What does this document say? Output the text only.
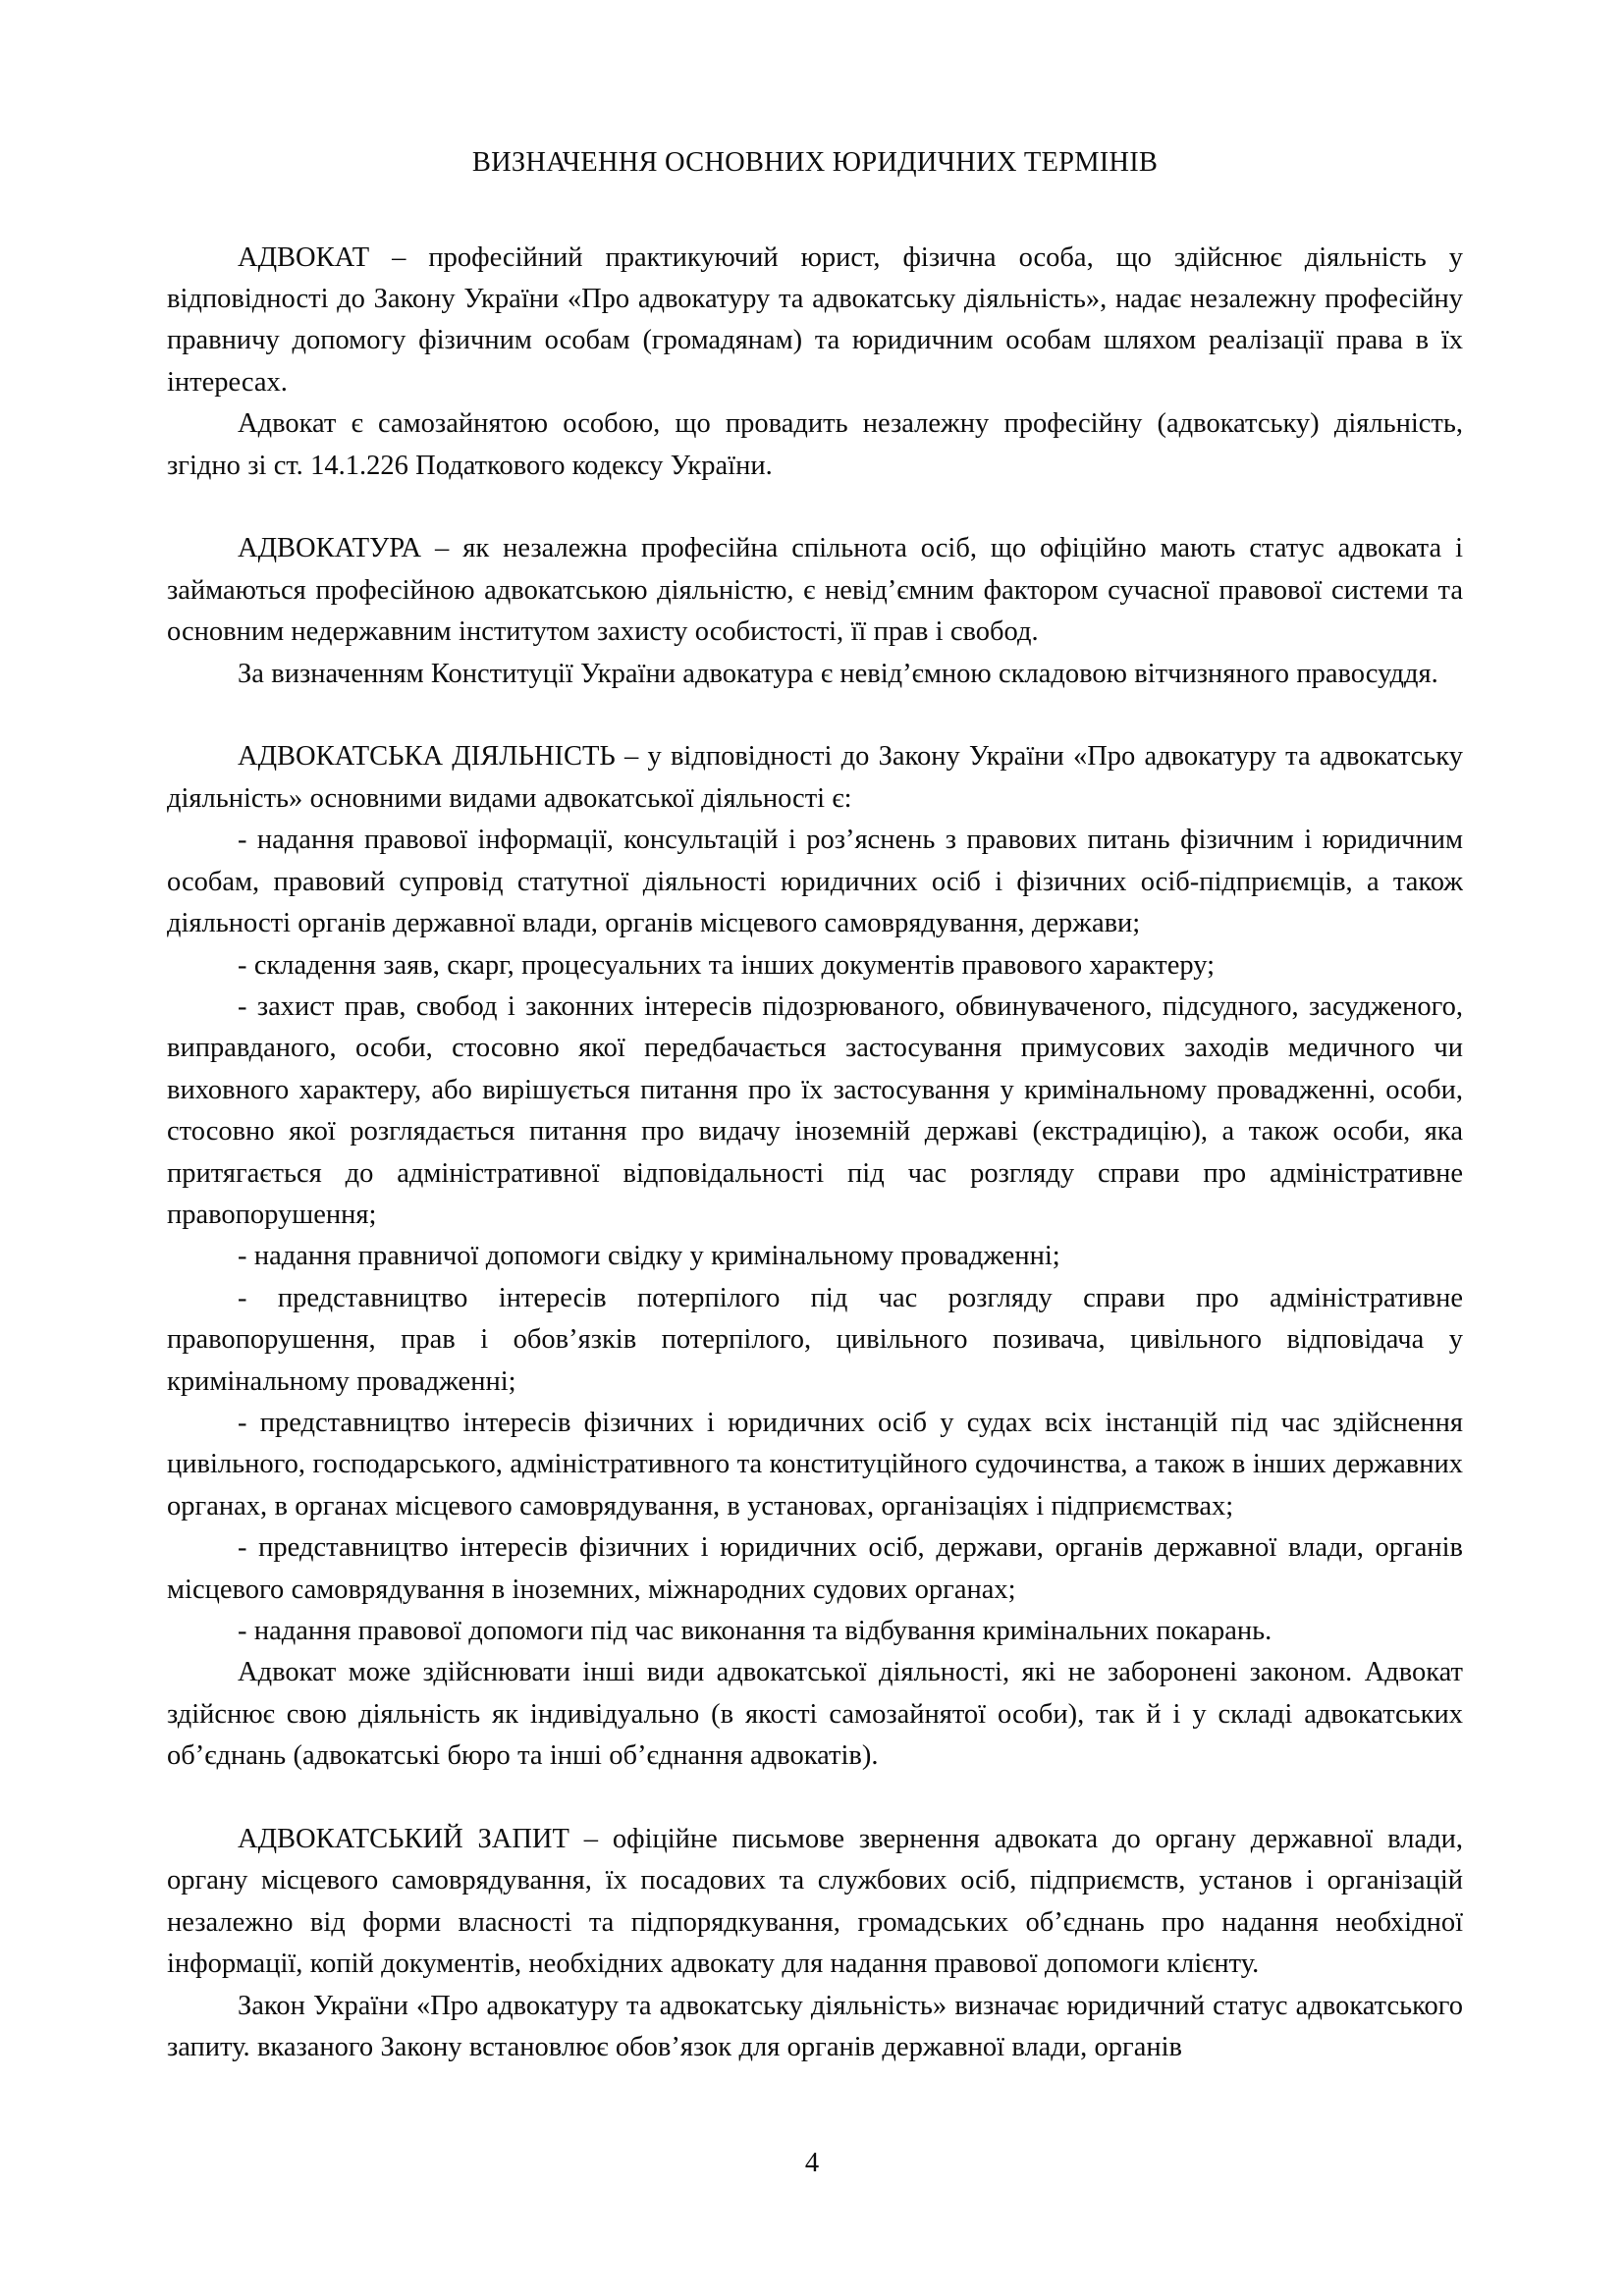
ВИЗНАЧЕННЯ ОСНОВНИХ ЮРИДИЧНИХ ТЕРМІНІВ

АДВОКАТ – професійний практикуючий юрист, фізична особа, що здійснює діяльність у відповідності до Закону України «Про адвокатуру та адвокатську діяльність», надає незалежну професійну правничу допомогу фізичним особам (громадянам) та юридичним особам шляхом реалізації права в їх інтересах.

Адвокат є самозайнятою особою, що провадить незалежну професійну (адвокатську) діяльність, згідно зі ст. 14.1.226 Податкового кодексу України.

АДВОКАТУРА – як незалежна професійна спільнота осіб, що офіційно мають статус адвоката і займаються професійною адвокатською діяльністю, є невід’ємним фактором сучасної правової системи та основним недержавним інститутом захисту особистості, її прав і свобод.

За визначенням Конституції України адвокатура є невід’ємною складовою вітчизняного правосуддя.

АДВОКАТСЬКА ДІЯЛЬНІСТЬ – у відповідності до Закону України «Про адвокатуру та адвокатську діяльність» основними видами адвокатської діяльності є:

- надання правової інформації, консультацій і роз’яснень з правових питань фізичним і юридичним особам, правовий супровід статутної діяльності юридичних осіб і фізичних осіб-підприємців, а також діяльності органів державної влади, органів місцевого самоврядування, держави;

- складення заяв, скарг, процесуальних та інших документів правового характеру;

- захист прав, свобод і законних інтересів підозрюваного, обвинуваченого, підсудного, засудженого, виправданого, особи, стосовно якої передбачається застосування примусових заходів медичного чи виховного характеру, або вирішується питання про їх застосування у кримінальному провадженні, особи, стосовно якої розглядається питання про видачу іноземній державі (екстрадицію), а також особи, яка притягається до адміністративної відповідальності під час розгляду справи про адміністративне правопорушення;

- надання правничої допомоги свідку у кримінальному провадженні;

- представництво інтересів потерпілого під час розгляду справи про адміністративне правопорушення, прав і обов’язків потерпілого, цивільного позивача, цивільного відповідача у кримінальному провадженні;

- представництво інтересів фізичних і юридичних осіб у судах всіх інстанцій під час здійснення цивільного, господарського, адміністративного та конституційного судочинства, а також в інших державних органах, в органах місцевого самоврядування, в установах, організаціях і підприємствах;

- представництво інтересів фізичних і юридичних осіб, держави, органів державної влади, органів місцевого самоврядування в іноземних, міжнародних судових органах;

- надання правової допомоги під час виконання та відбування кримінальних покарань.

Адвокат може здійснювати інші види адвокатської діяльності, які не заборонені законом. Адвокат здійснює свою діяльність як індивідуально (в якості самозайнятої особи), так й і у складі адвокатських об’єднань (адвокатські бюро та інші об’єднання адвокатів).

АДВОКАТСЬКИЙ ЗАПИТ – офіційне письмове звернення адвоката до органу державної влади, органу місцевого самоврядування, їх посадових та службових осіб, підприємств, установ і організацій незалежно від форми власності та підпорядкування, громадських об’єднань про надання необхідної інформації, копій документів, необхідних адвокату для надання правової допомоги клієнту.

Закон України «Про адвокатуру та адвокатську діяльність» визначає юридичний статус адвокатського запиту. вказаного Закону встановлює обов’язок для органів державної влади, органів

4
